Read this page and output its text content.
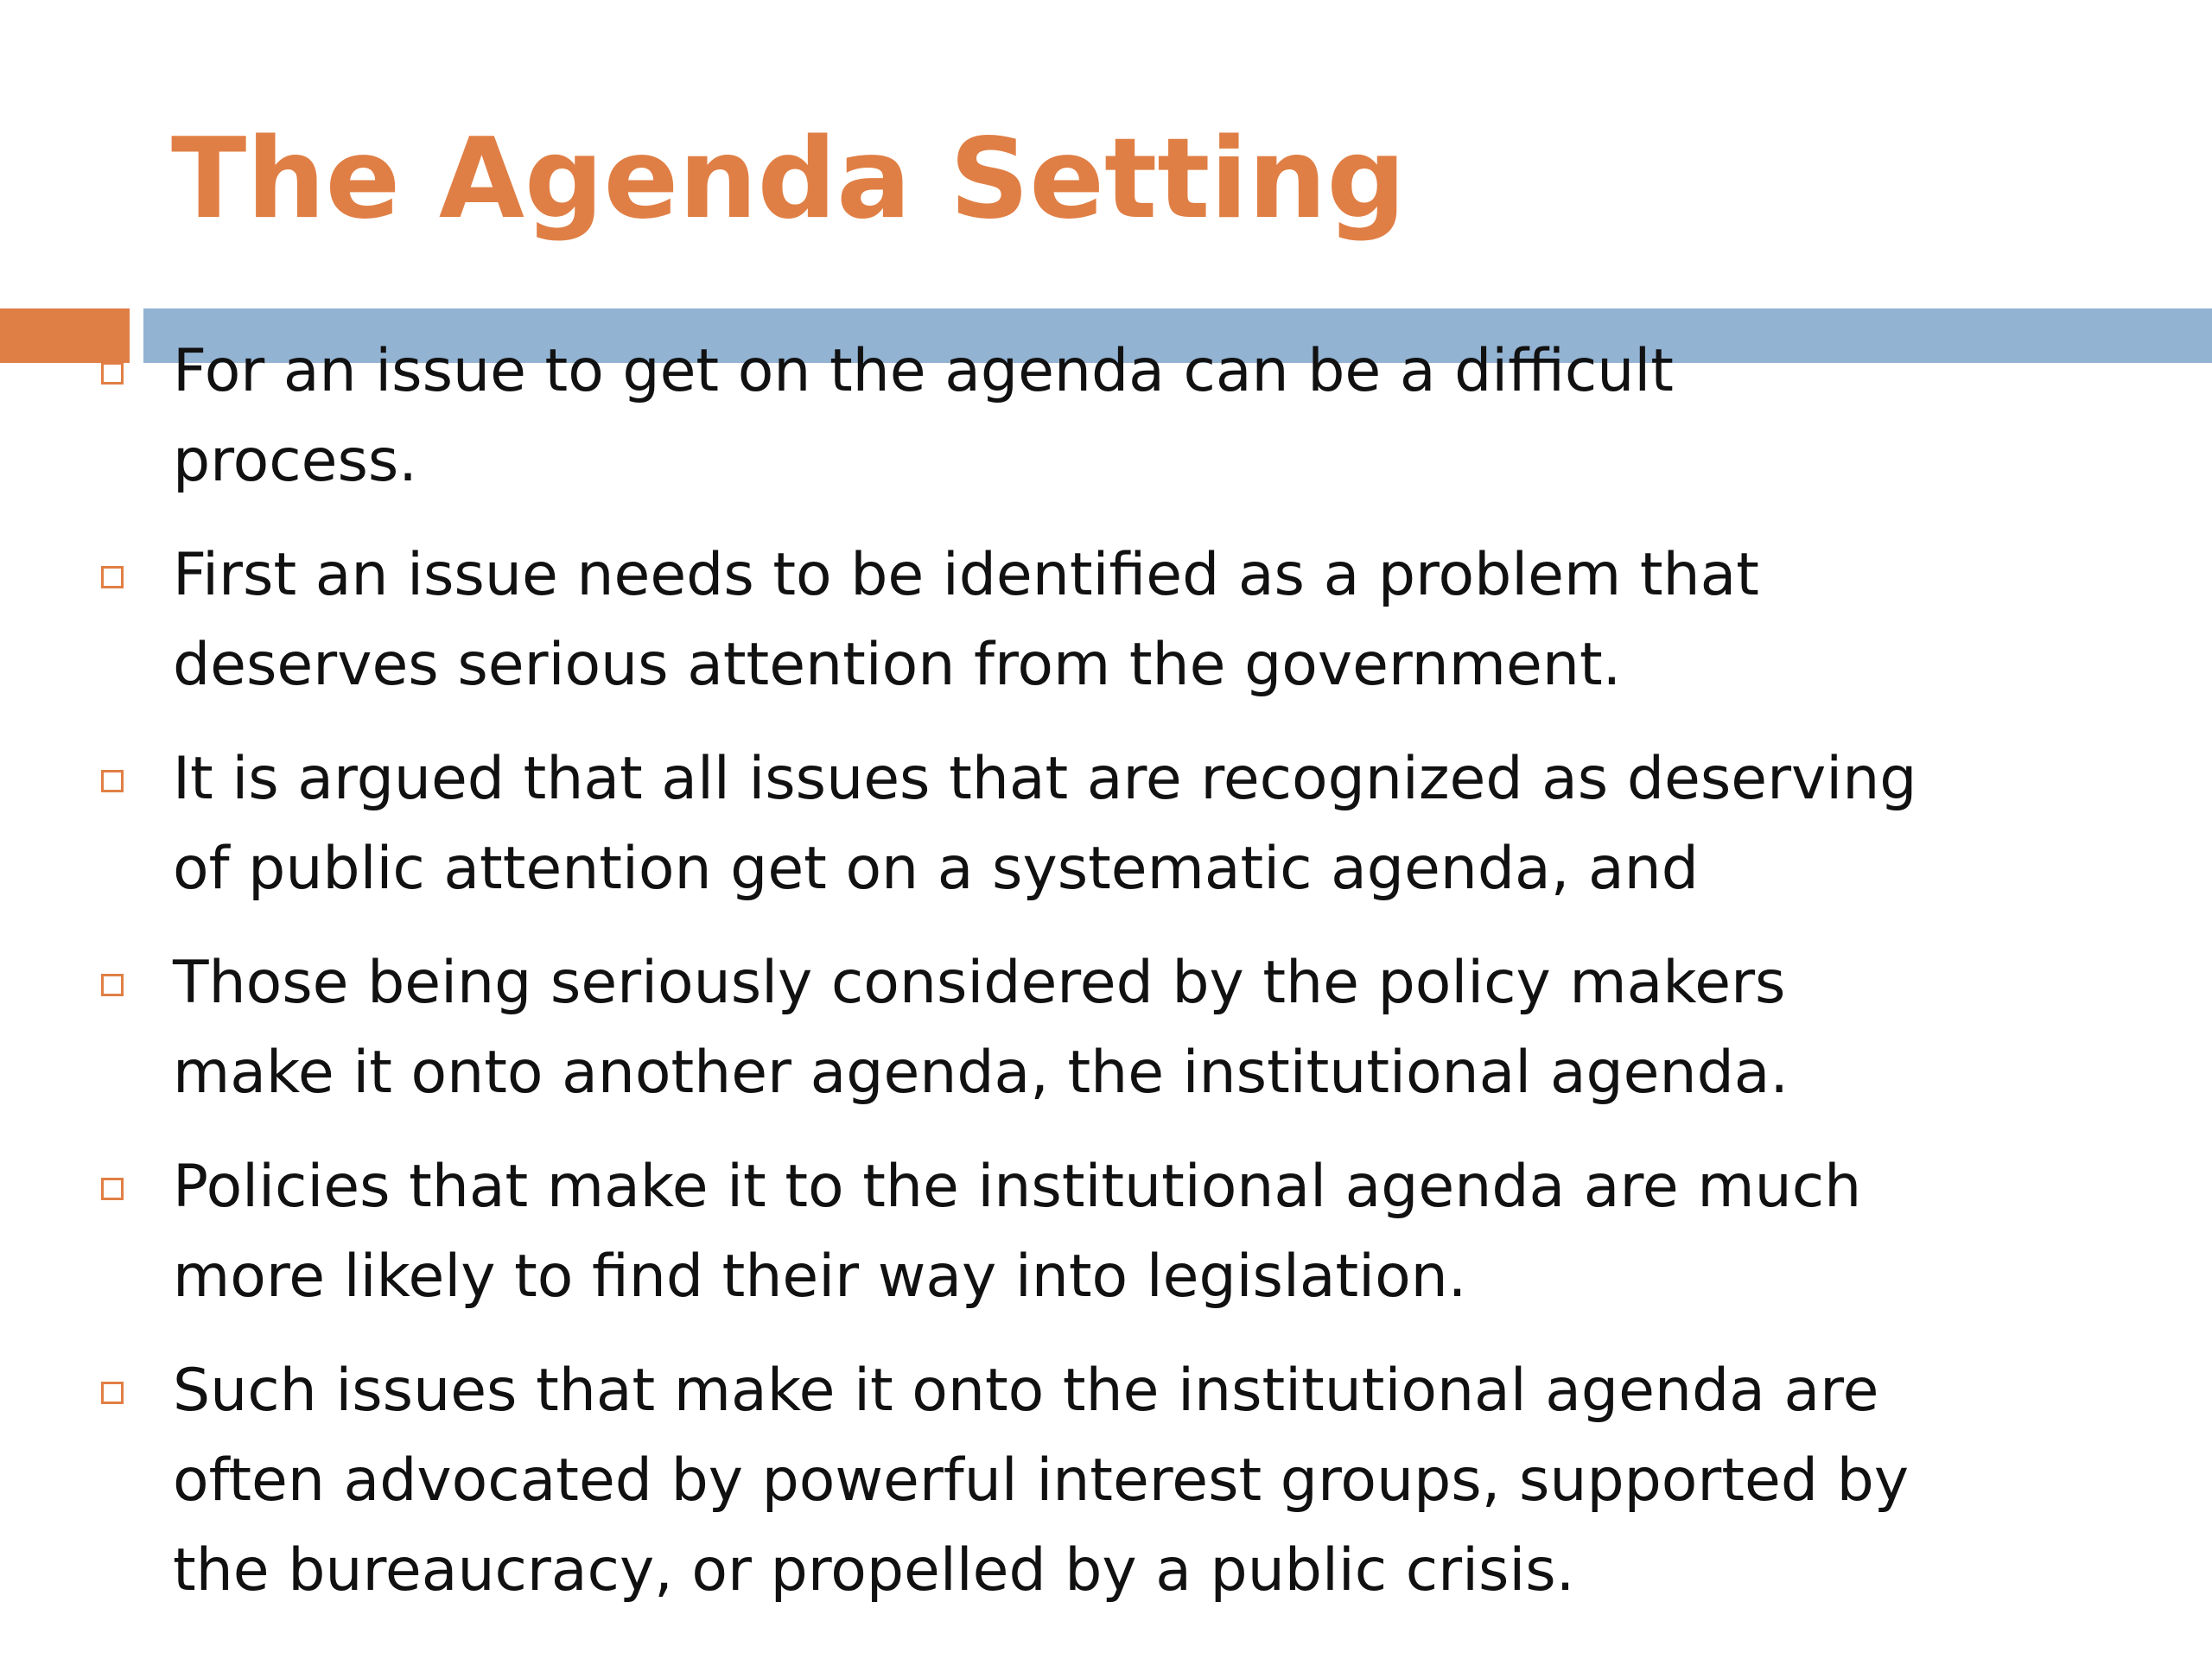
The Agenda Setting
For an issue to get on the agenda can be a difficult
process.
First an issue needs to be identified as a problem that
deserves serious attention from the government.
It is argued that all issues that are recognized as deserving
of public attention get on a systematic agenda, and
Those being seriously considered by the policy makers
make it onto another agenda, the institutional agenda.
Policies that make it to the institutional agenda are much
more likely to find their way into legislation.
Such issues that make it onto the institutional agenda are
often advocated by powerful interest groups, supported by
the bureaucracy, or propelled by a public crisis.
